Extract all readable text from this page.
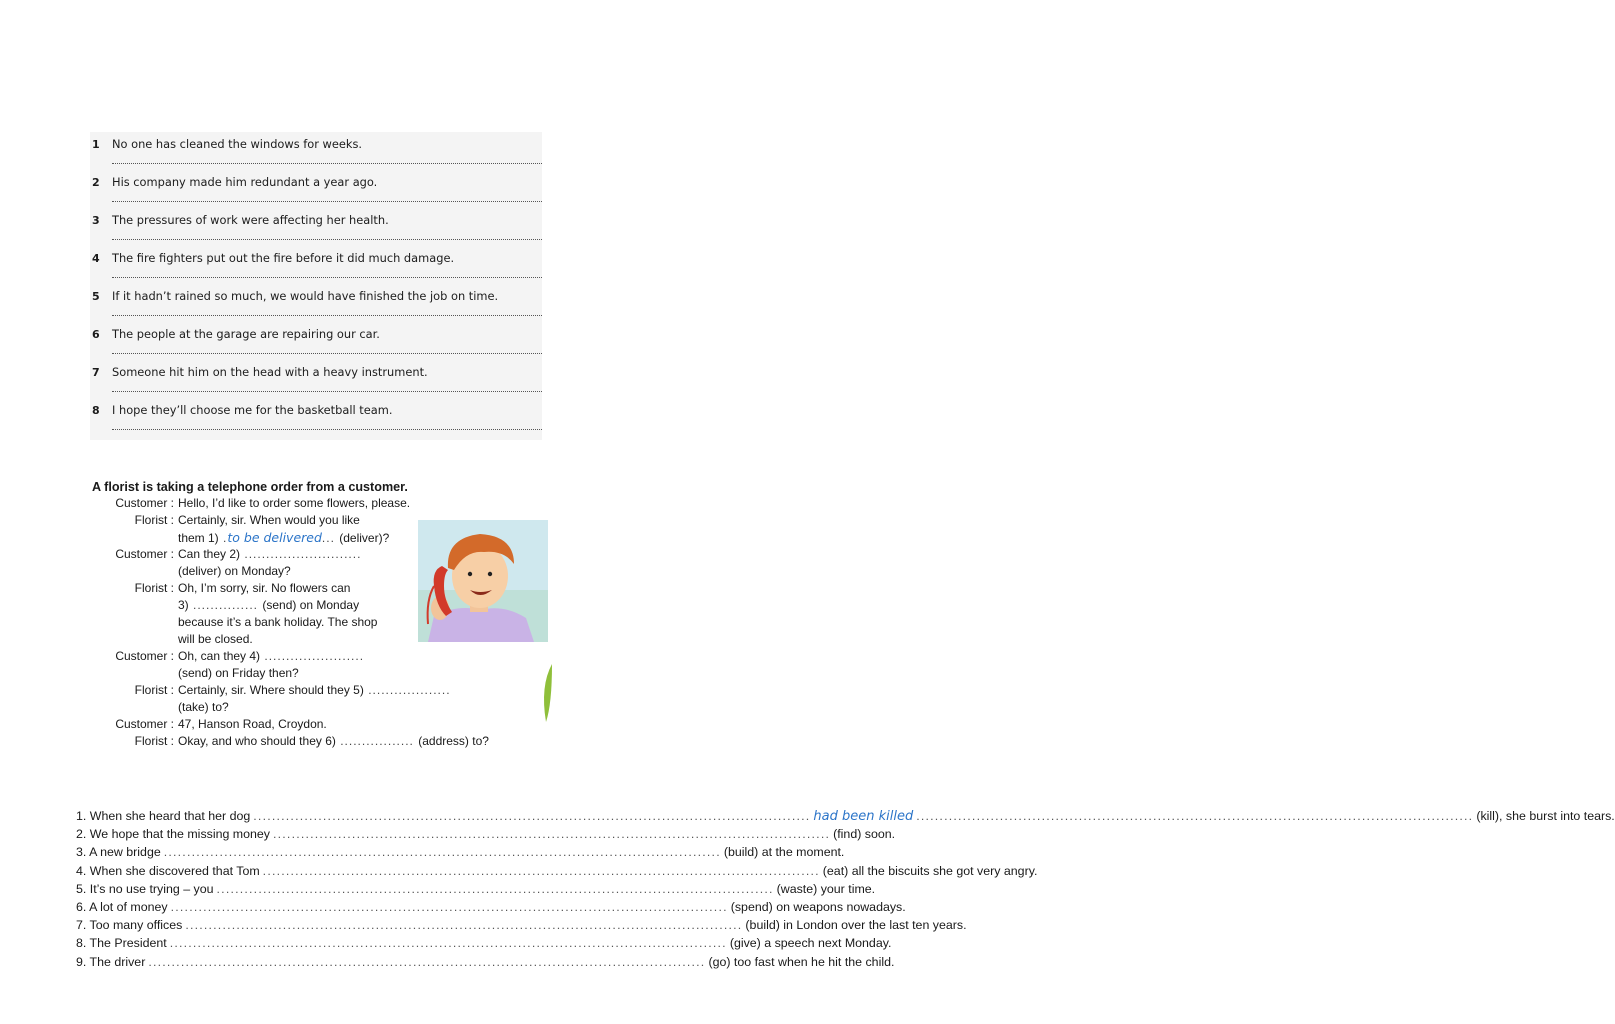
1	No one has cleaned the windows for weeks.
2	His company made him redundant a year ago.
3	The pressures of work were affecting her health.
4	The fire fighters put out the fire before it did much damage.
5	If it hadn’t rained so much, we would have finished the job on time.
6	The people at the garage are repairing our car.
7	Someone hit him on the head with a heavy instrument.
8	I hope they’ll choose me for the basketball team.
A florist is taking a telephone order from a customer.
Customer : Hello, I’d like to order some flowers, please.
Florist : Certainly, sir. When would you like
them 1) .to be delivered... (deliver)?
Customer : Can they 2) ...........................
(deliver) on Monday?
Florist : Oh, I’m sorry, sir. No flowers can
3) ............... (send) on Monday
because it’s a bank holiday. The shop
will be closed.
Customer : Oh, can they 4) .......................
(send) on Friday then?
Florist : Certainly, sir. Where should they 5) ...................
(take) to?
Customer : 47, Hanson Road, Croydon.
Florist : Okay, and who should they 6) ................. (address) to?
1. When she heard that her dog ........................................................................................................................ had been killed ........................................................................................................................ (kill), she burst into tears.
2. We hope that the missing money ........................................................................................................................ (find) soon.
3. A new bridge ........................................................................................................................ (build) at the moment.
4. When she discovered that Tom ........................................................................................................................ (eat) all the biscuits she got very angry.
5. It’s no use trying – you ........................................................................................................................ (waste) your time.
6. A lot of money ........................................................................................................................ (spend) on weapons nowadays.
7. Too many offices ........................................................................................................................ (build) in London over the last ten years.
8. The President ........................................................................................................................ (give) a speech next Monday.
9. The driver ........................................................................................................................ (go) too fast when he hit the child.
